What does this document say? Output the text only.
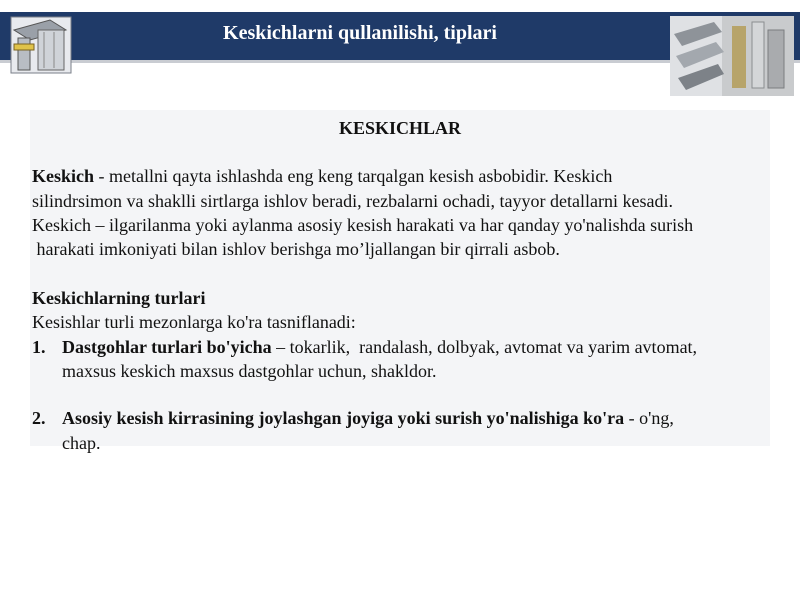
Keskichlarni qullanilishi, tiplari
KESKICHLAR
Keskich - metallni qayta ishlashda eng keng tarqalgan kesish asbobidir. Keskich
silindrsimon va shaklli sirtlarga ishlov beradi, rezbalarni ochadi, tayyor detallarni kesadi.
Keskich – ilgarilanma yoki aylanma asosiy kesish harakati va har qanday yo'nalishda surish
harakati imkoniyati bilan ishlov berishga mo’ljallangan bir qirrali asbob.
Keskichlarning turlari
Kesishlar turli mezonlarga ko'ra tasniflanadi:
1. Dastgohlar turlari bo'yicha – tokarlik,  randalash, dolbyak, avtomat va yarim avtomat,
maxsus keskich maxsus dastgohlar uchun, shakldor.
2. Asosiy kesish kirrasining joylashgan joyiga yoki surish yo'nalishiga ko'ra - o'ng,
chap.
